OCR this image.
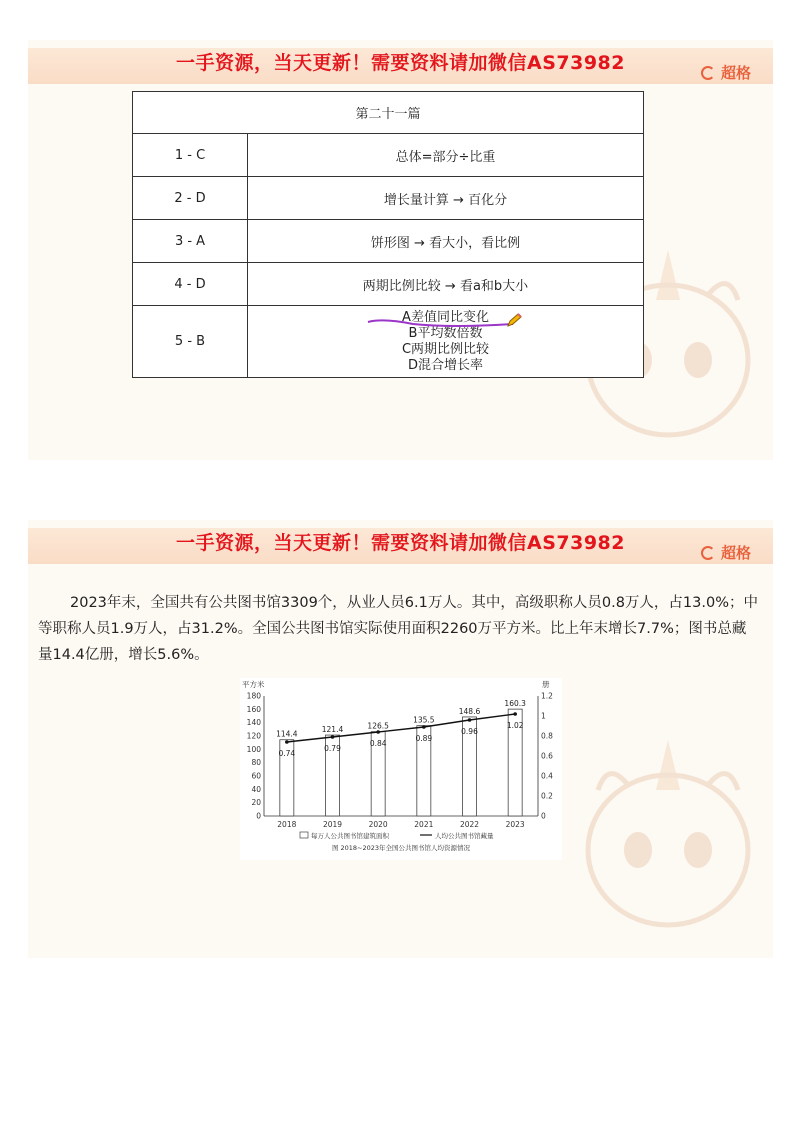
一手资源，当天更新！需要资料请加微信AS73982	超格
第二十一篇	
1 - C	总体=部分÷比重
2 - D	增长量计算 → 百化分
3 - A	饼形图 → 看大小，看比例
4 - D	两期比例比较 → 看a和b大小
5 - B	A差值同比变化
B平均数倍数
C两期比例比较
D混合增长率
一手资源，当天更新！需要资料请加微信AS73982	超格
2023年末，全国共有公共图书馆3309个，从业人员6.1万人。其中，高级职称人员0.8万人，占13.0%；中等职称人员1.9万人，占31.2%。全国公共图书馆实际使用面积2260万平方米。比上年末增长7.7%；图书总藏量14.4亿册，增长5.6%。
平方米	册
0
20
40
60
80
100
120
140
160
180
0
0.2
0.4
0.6
0.8
1
1.2
114.4
2018
121.4
2019
126.5
2020
135.5
2021
148.6
2022
160.3
2023
0.74
0.79
0.84
0.89
0.96
1.02
每万人公共图书馆建筑面积	人均公共图书馆藏量
图 2018~2023年全国公共图书馆人均资源情况
